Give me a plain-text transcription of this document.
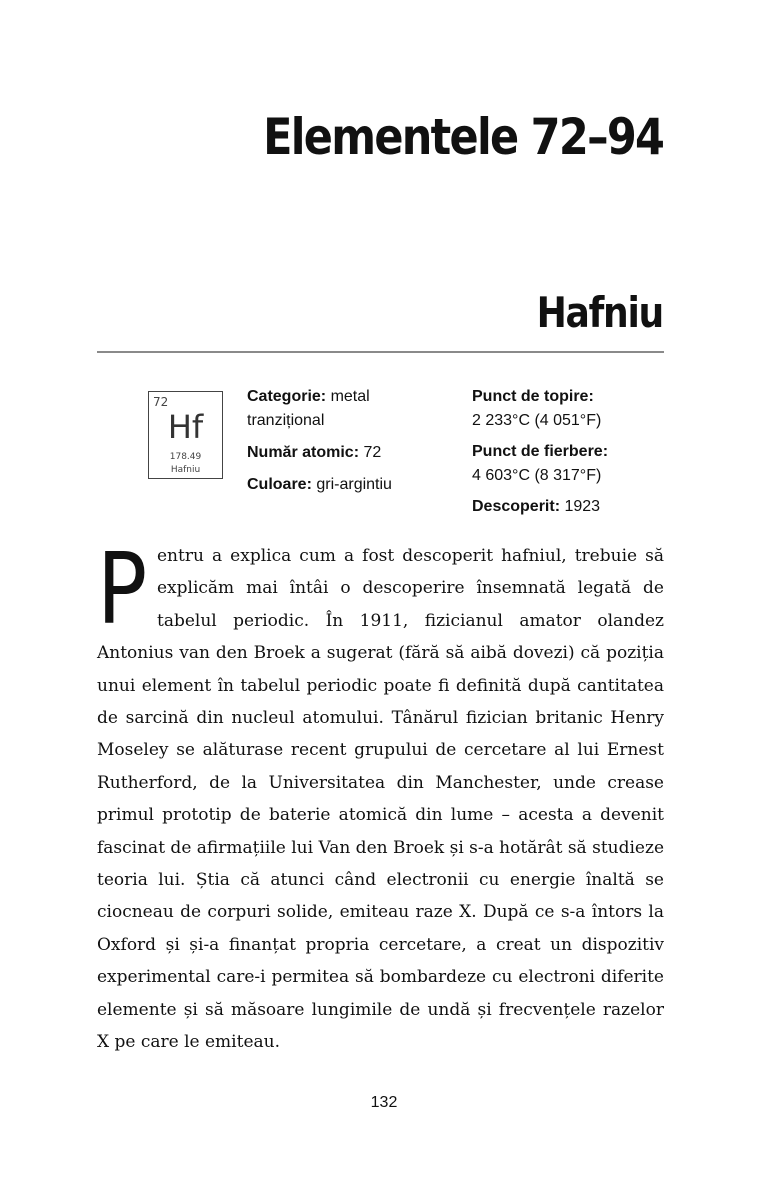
Elementele 72–94
Hafniu
72
Hf
178.49
Hafniu
Categorie: metal tranzițional
Număr atomic: 72
Culoare: gri-argintiu
Punct de topire:
2 233°C (4 051°F)
Punct de fierbere:
4 603°C (8 317°F)
Descoperit: 1923

Pentru a explica cum a fost descoperit hafniul, trebuie să explicăm mai întâi o descoperire însemnată legată de tabelul periodic. În 1911, fizicianul amator olandez Antonius van den Broek a sugerat (fără să aibă dovezi) că poziția unui element în tabelul periodic poate fi definită după cantitatea de sarcină din nucleul atomului. Tânărul fizician britanic Henry Moseley se alăturase recent grupului de cercetare al lui Ernest Rutherford, de la Universitatea din Manchester, unde crease primul prototip de baterie atomică din lume – acesta a devenit fascinat de afirmațiile lui Van den Broek și s-a hotărât să studieze teoria lui. Știa că atunci când electronii cu energie înaltă se ciocneau de corpuri solide, emiteau raze X. După ce s-a întors la Oxford și și-a finanțat propria cercetare, a creat un dispozitiv experimental care-i permitea să bombardeze cu electroni diferite elemente și să măsoare lungimile de undă și frecvențele razelor X pe care le emiteau.

132
